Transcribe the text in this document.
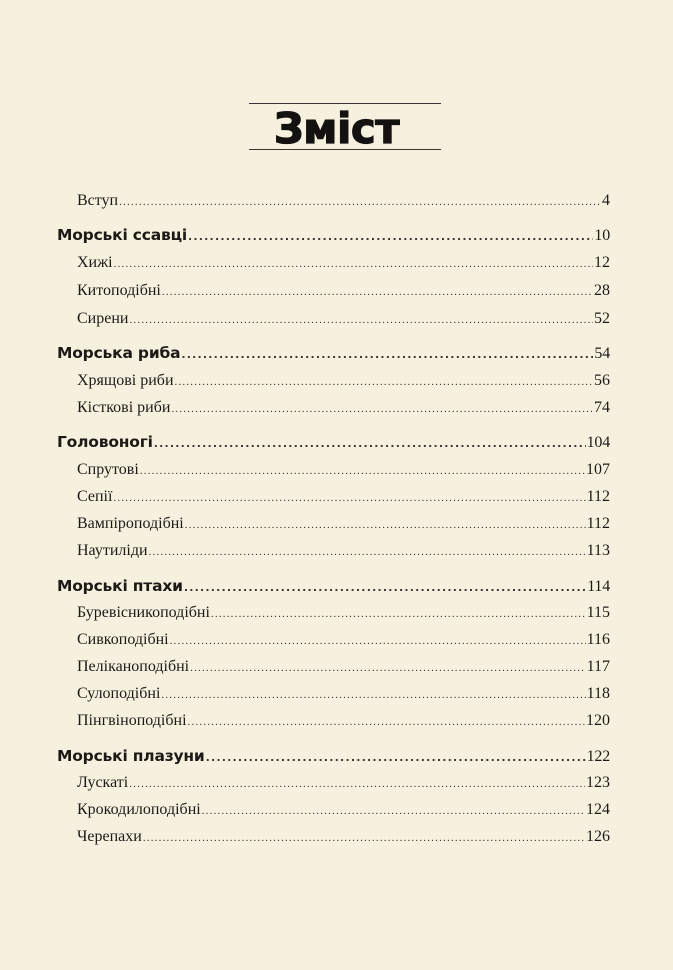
Зміст
Вступ .....	4
Морські ссавці .....	10
Хижі .....	12
Китоподібні .....	28
Сирени .....	52
Морська риба .....	54
Хрящові риби .....	56
Кісткові риби .....	74
Головоногі .....	104
Спрутові .....	107
Сепії .....	112
Вампіроподібні .....	112
Наутиліди .....	113
Морські птахи .....	114
Буревісникоподібні .....	115
Сивкоподібні .....	116
Пеліканоподібні .....	117
Сулоподібні .....	118
Пінгвіноподібні .....	120
Морські плазуни .....	122
Лускаті .....	123
Крокодилоподібні .....	124
Черепахи .....	126
